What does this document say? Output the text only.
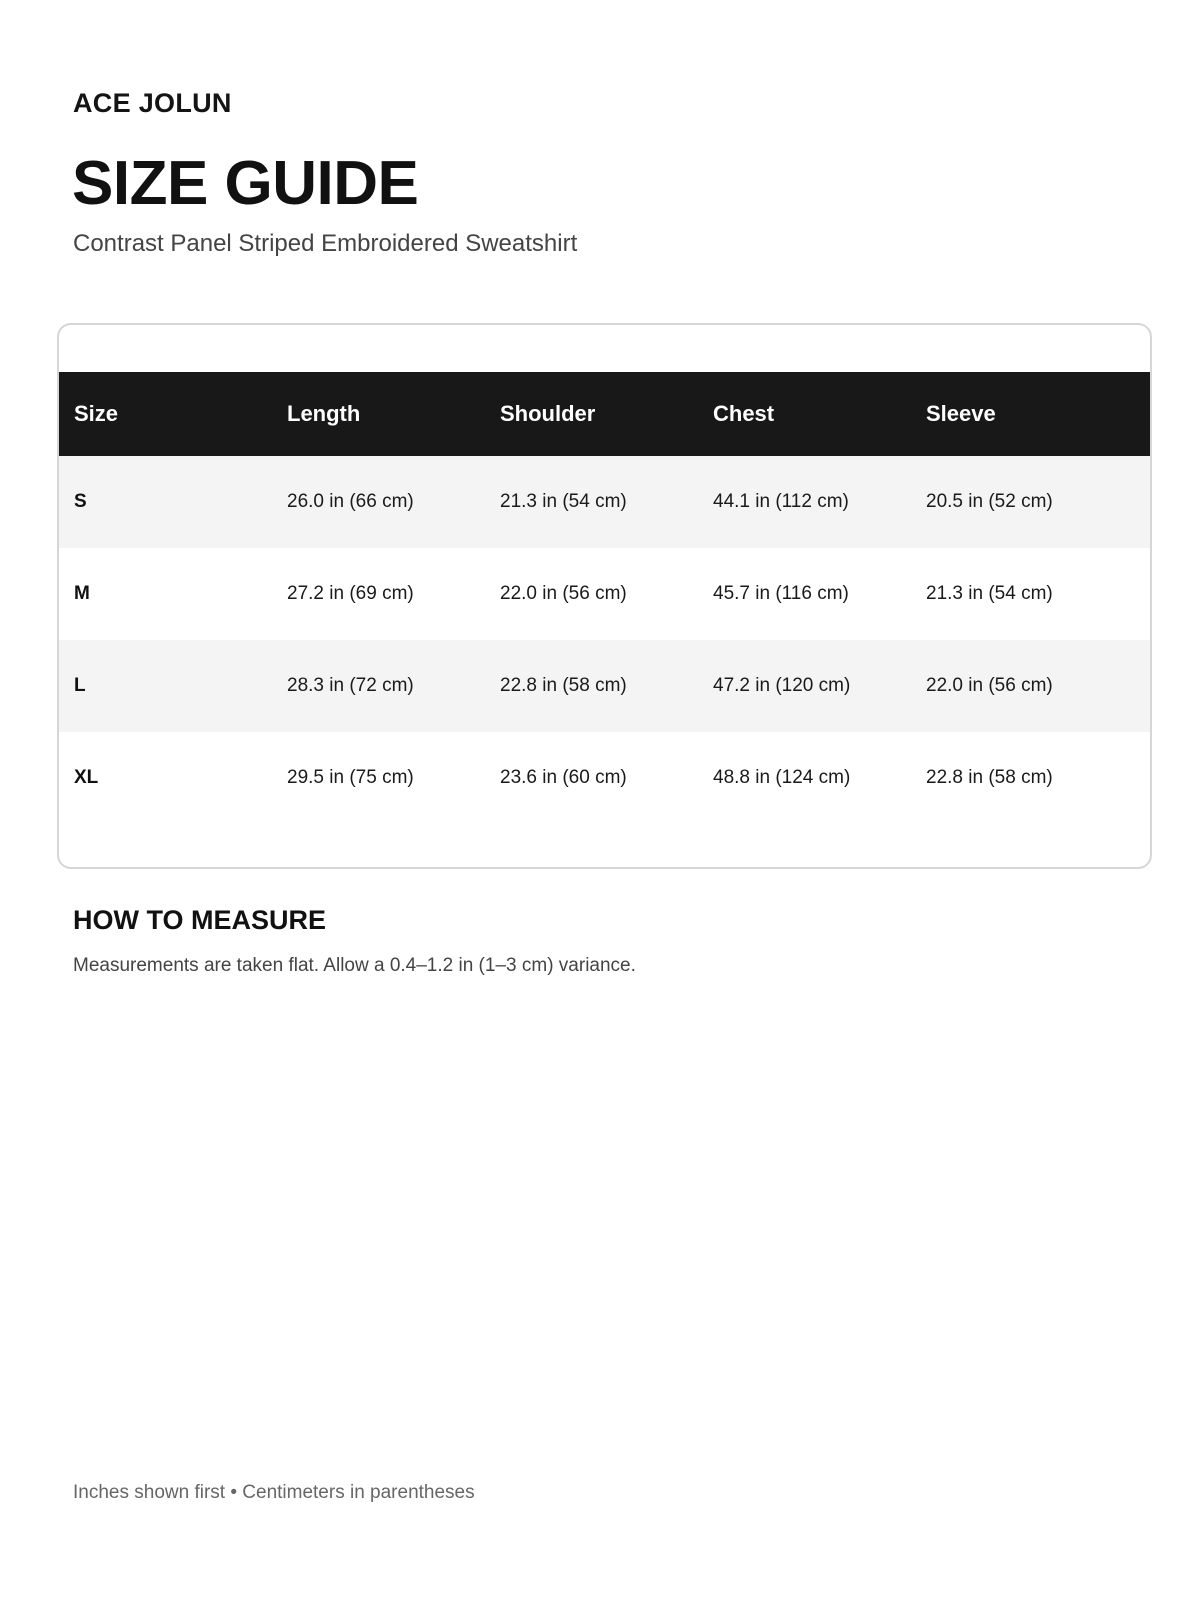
ACE JOLUN
SIZE GUIDE
Contrast Panel Striped Embroidered Sweatshirt
Size	Length	Shoulder	Chest	Sleeve
S	26.0 in (66 cm)	21.3 in (54 cm)	44.1 in (112 cm)	20.5 in (52 cm)
M	27.2 in (69 cm)	22.0 in (56 cm)	45.7 in (116 cm)	21.3 in (54 cm)
L	28.3 in (72 cm)	22.8 in (58 cm)	47.2 in (120 cm)	22.0 in (56 cm)
XL	29.5 in (75 cm)	23.6 in (60 cm)	48.8 in (124 cm)	22.8 in (58 cm)
HOW TO MEASURE

Measurements are taken flat. Allow a 0.4–1.2 in (1–3 cm) variance.

Inches shown first • Centimeters in parentheses
